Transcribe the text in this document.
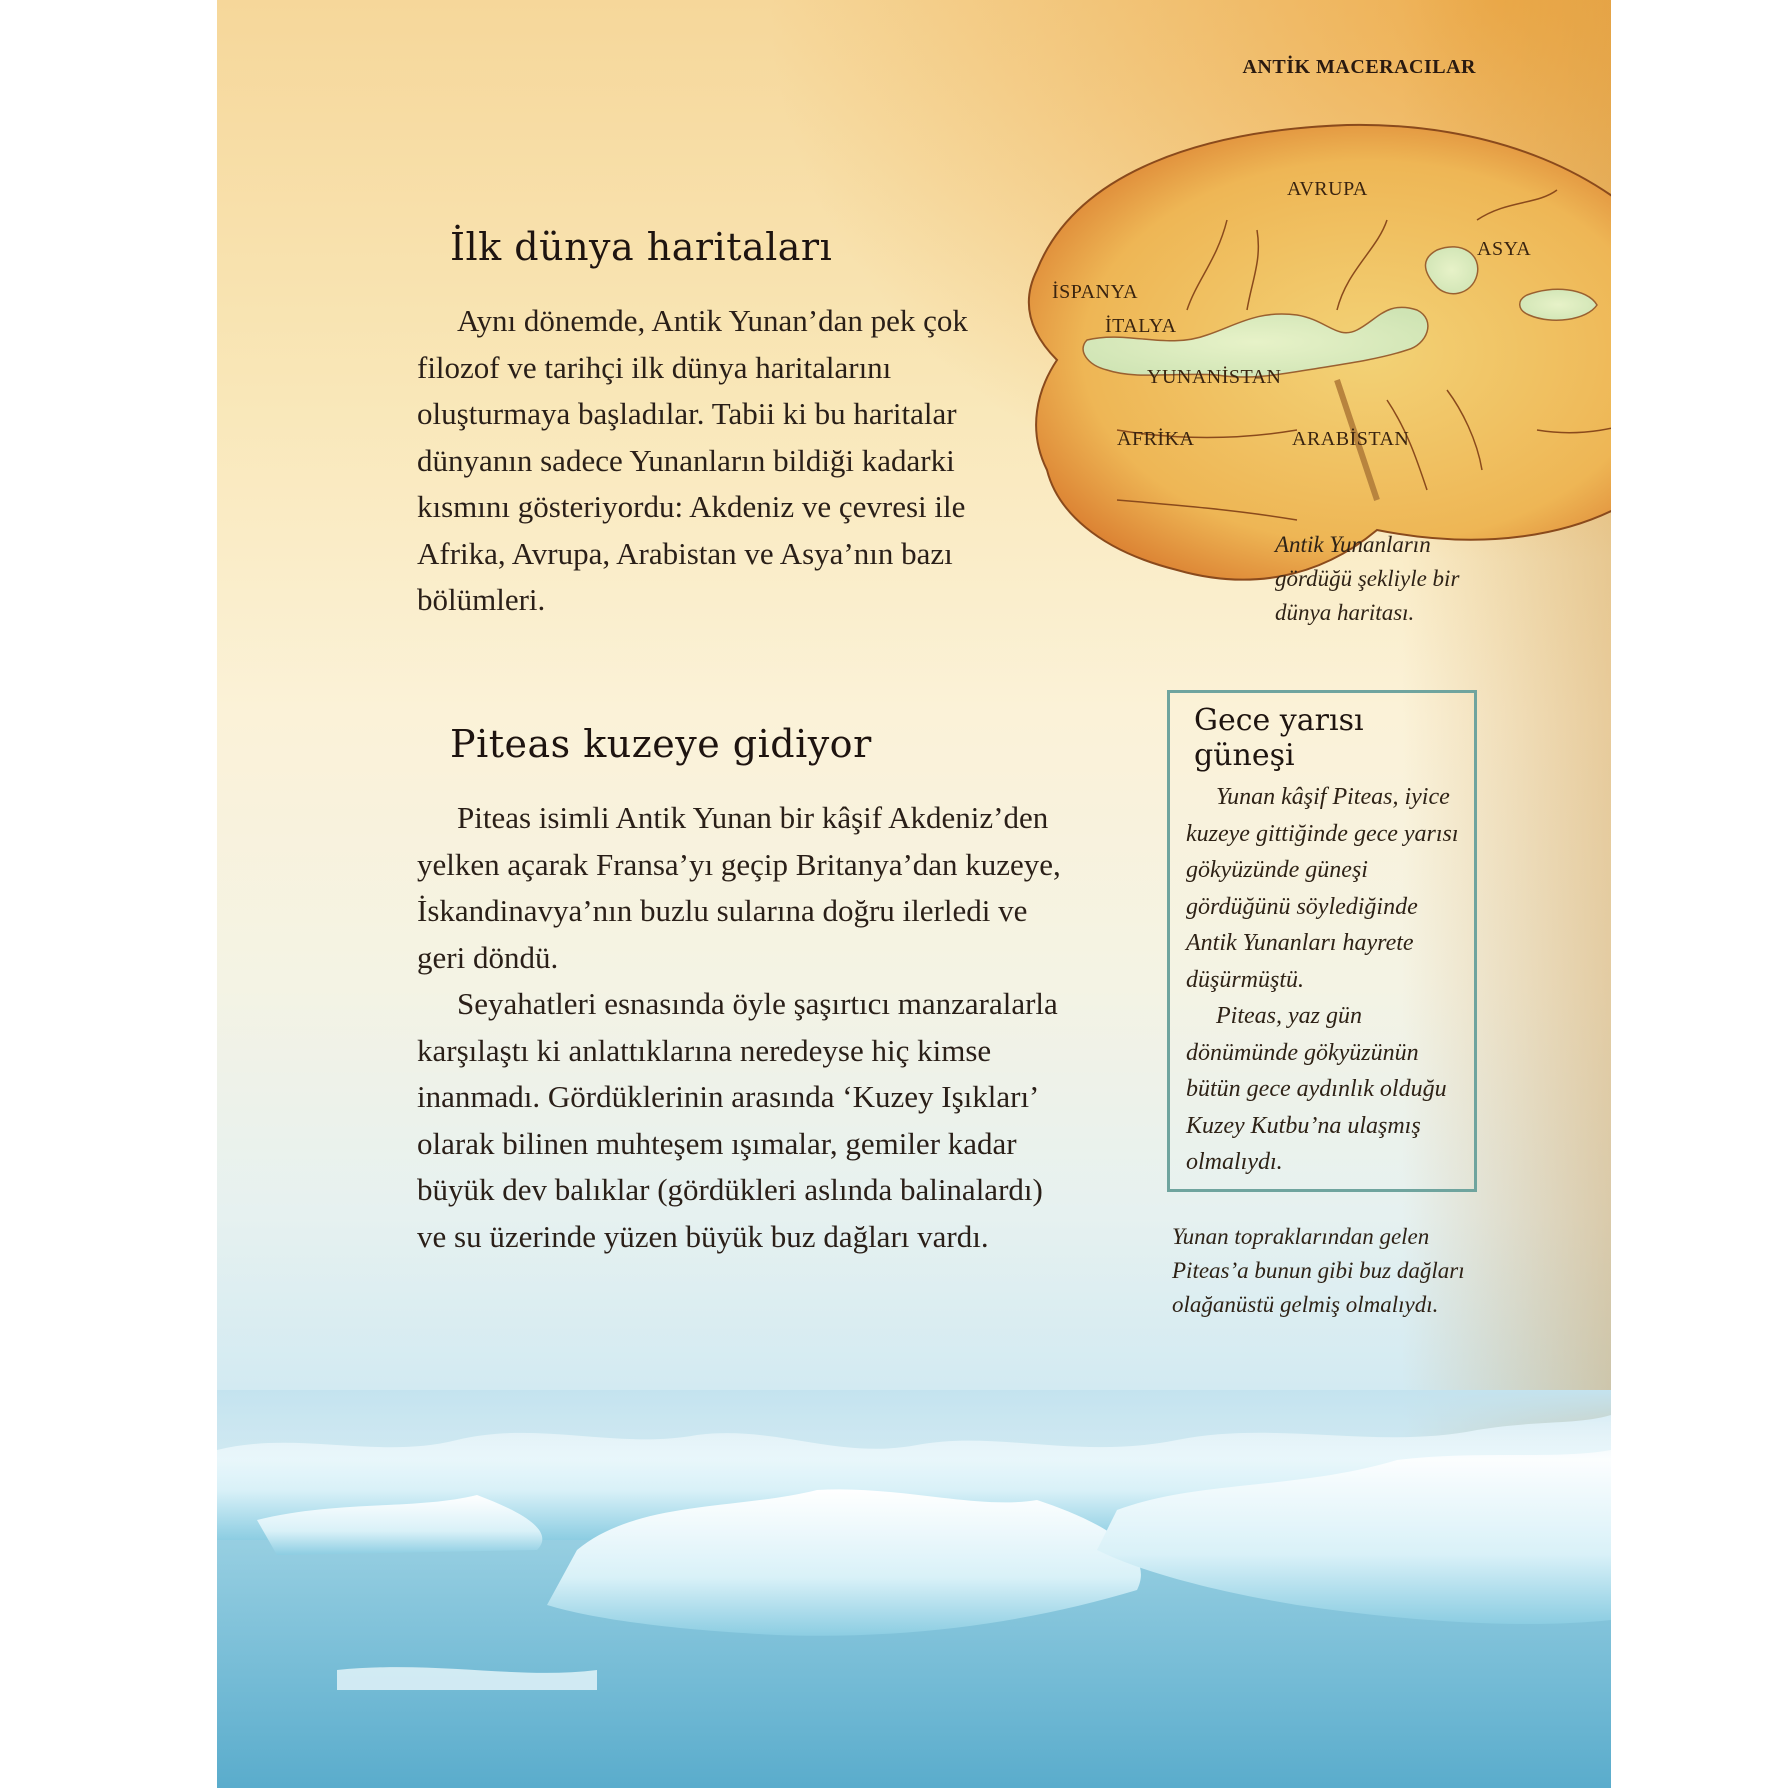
ANTİK MACERACILAR
İlk dünya haritaları

Aynı dönemde, Antik Yunan’dan pek çok filozof ve tarihçi ilk dünya haritalarını oluşturmaya başladılar. Tabii ki bu haritalar dünyanın sadece Yunanların bildiği kadarki kısmını gösteriyordu: Akdeniz ve çevresi ile Afrika, Avrupa, Arabistan ve Asya’nın bazı bölümleri.

AVRUPA
ASYA
İSPANYA
İTALYA
YUNANİSTAN
AFRİKA	ARABİSTAN
Antik Yunanların gördüğü şekliyle bir dünya haritası.
Piteas kuzeye gidiyor

Piteas isimli Antik Yunan bir kâşif Akdeniz’den yelken açarak Fransa’yı geçip Britanya’dan kuzeye, İskandinavya’nın buzlu sularına doğru ilerledi ve geri döndü.

Seyahatleri esnasında öyle şaşırtıcı manzaralarla karşılaştı ki anlattıklarına neredeyse hiç kimse inanmadı. Gördüklerinin arasında ‘Kuzey Işıkları’ olarak bilinen muhteşem ışımalar, gemiler kadar büyük dev balıklar (gördükleri aslında balinalardı) ve su üzerinde yüzen büyük buz dağları vardı.

Gece yarısı güneşi

Yunan kâşif Piteas, iyice kuzeye gittiğinde gece yarısı gökyüzünde güneşi gördüğünü söylediğinde Antik Yunanları hayrete düşürmüştü.

Piteas, yaz gün dönümünde gökyüzünün bütün gece aydınlık olduğu Kuzey Kutbu’na ulaşmış olmalıydı.

Yunan topraklarından gelen Piteas’a bunun gibi buz dağları olağanüstü gelmiş olmalıydı.
